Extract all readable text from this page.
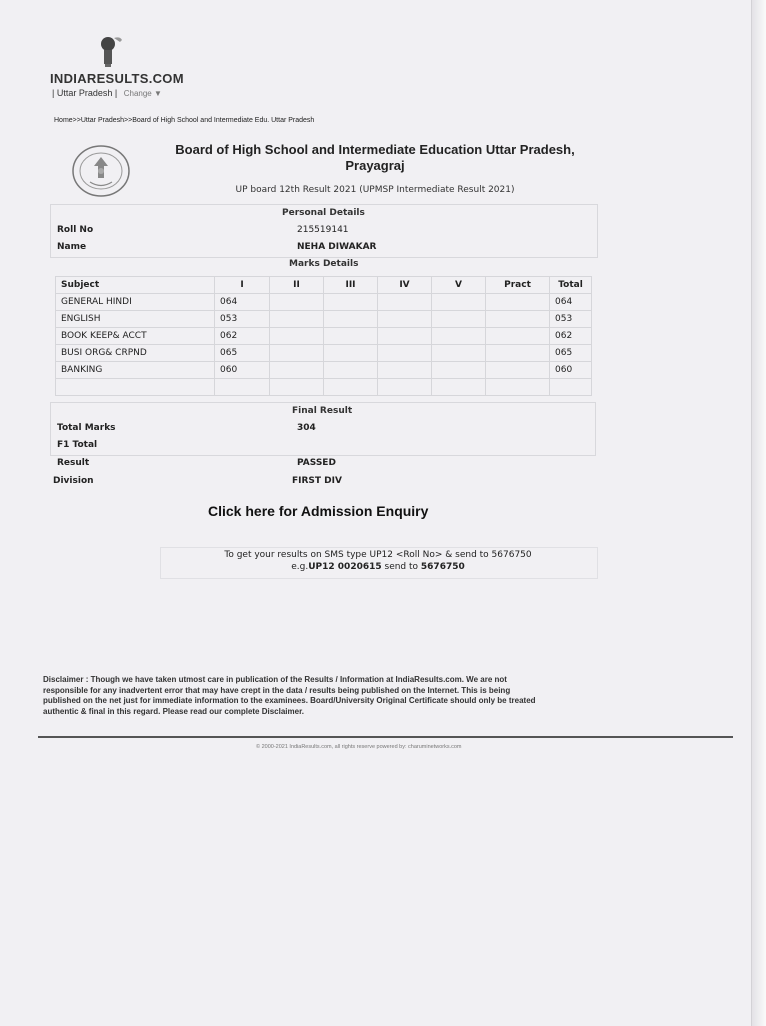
INDIARESULTS.COM
| Uttar Pradesh | Change ▼
Home>>Uttar Pradesh>>Board of High School and Intermediate Edu. Uttar Pradesh
Board of High School and Intermediate Education Uttar Pradesh,
Prayagraj
UP board 12th Result 2021 (UPMSP Intermediate Result 2021)
Personal Details
Roll No	215519141
Name	NEHA DIWAKAR
Marks Details
Subject	I	II	III	IV	V	Pract	Total
GENERAL HINDI	064						064
ENGLISH	053						053
BOOK KEEP& ACCT	062						062
BUSI ORG& CRPND	065						065
BANKING	060						060

Final Result
Total Marks	304
F1 Total
Result	PASSED
Division	FIRST DIV
Click here for Admission Enquiry
To get your results on SMS type UP12 <Roll No> & send to 5676750
e.g.UP12 0020615 send to 5676750
Disclaimer : Though we have taken utmost care in publication of the Results / Information at IndiaResults.com. We are not responsible for any inadvertent error that may have crept in the data / results being published on the Internet. This is being published on the net just for immediate information to the examinees. Board/University Original Certificate should only be treated authentic & final in this regard. Please read our complete Disclaimer.
© 2000-2021 IndiaResults.com, all rights reserve powered by: charuminetworks.com
